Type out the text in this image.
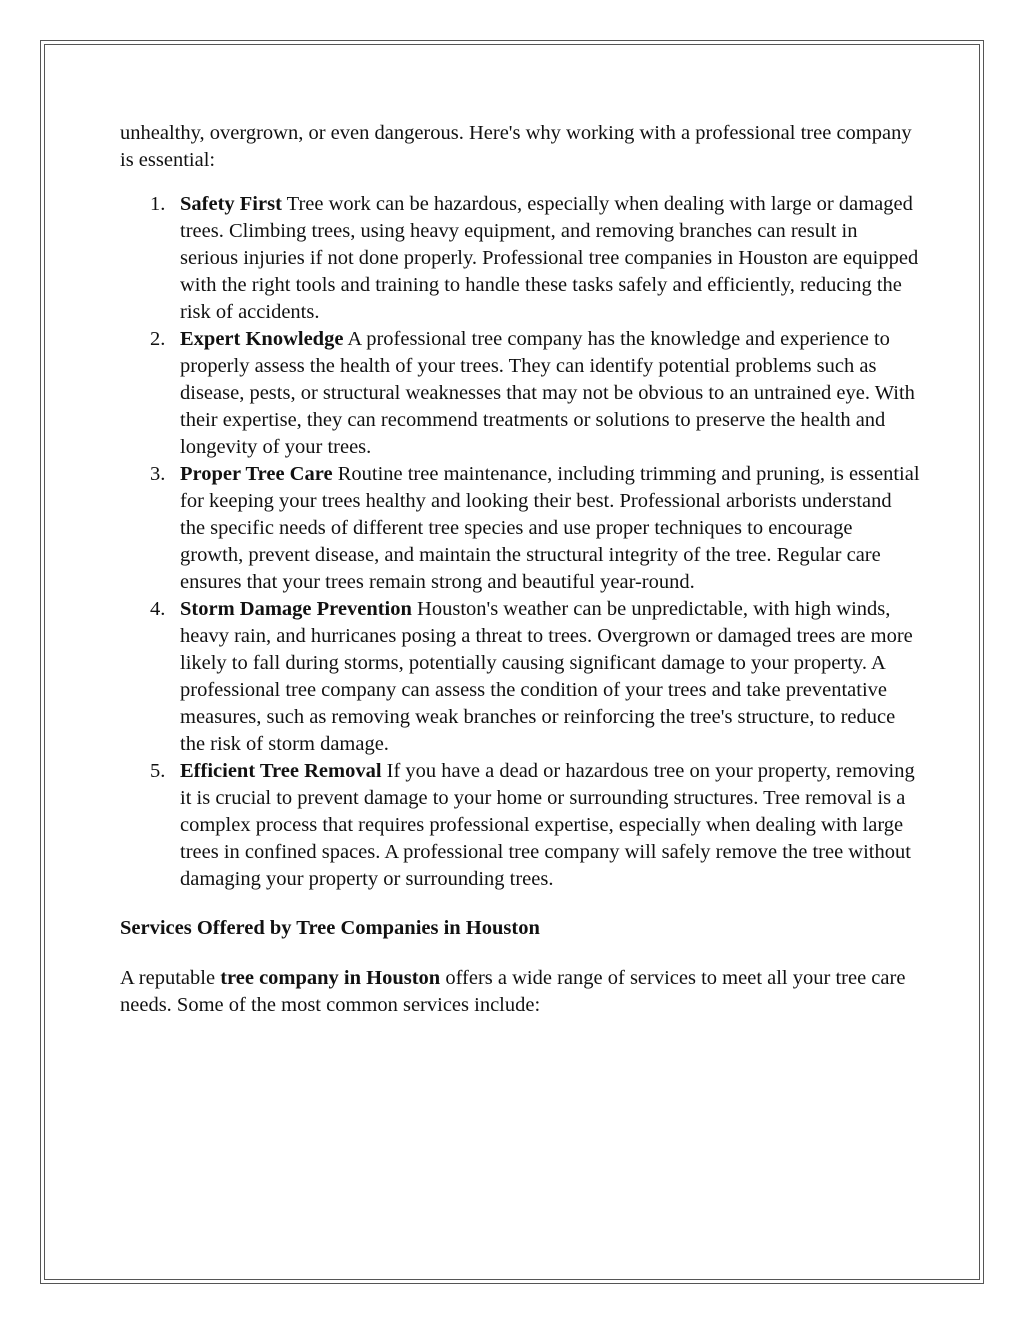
unhealthy, overgrown, or even dangerous. Here's why working with a professional tree company is essential:

1. Safety First Tree work can be hazardous, especially when dealing with large or damaged trees. Climbing trees, using heavy equipment, and removing branches can result in serious injuries if not done properly. Professional tree companies in Houston are equipped with the right tools and training to handle these tasks safely and efficiently, reducing the risk of accidents.
2. Expert Knowledge A professional tree company has the knowledge and experience to properly assess the health of your trees. They can identify potential problems such as disease, pests, or structural weaknesses that may not be obvious to an untrained eye. With their expertise, they can recommend treatments or solutions to preserve the health and longevity of your trees.
3. Proper Tree Care Routine tree maintenance, including trimming and pruning, is essential for keeping your trees healthy and looking their best. Professional arborists understand the specific needs of different tree species and use proper techniques to encourage growth, prevent disease, and maintain the structural integrity of the tree. Regular care ensures that your trees remain strong and beautiful year-round.
4. Storm Damage Prevention Houston's weather can be unpredictable, with high winds, heavy rain, and hurricanes posing a threat to trees. Overgrown or damaged trees are more likely to fall during storms, potentially causing significant damage to your property. A professional tree company can assess the condition of your trees and take preventative measures, such as removing weak branches or reinforcing the tree's structure, to reduce the risk of storm damage.
5. Efficient Tree Removal If you have a dead or hazardous tree on your property, removing it is crucial to prevent damage to your home or surrounding structures. Tree removal is a complex process that requires professional expertise, especially when dealing with large trees in confined spaces. A professional tree company will safely remove the tree without damaging your property or surrounding trees.

Services Offered by Tree Companies in Houston

A reputable tree company in Houston offers a wide range of services to meet all your tree care needs. Some of the most common services include:
